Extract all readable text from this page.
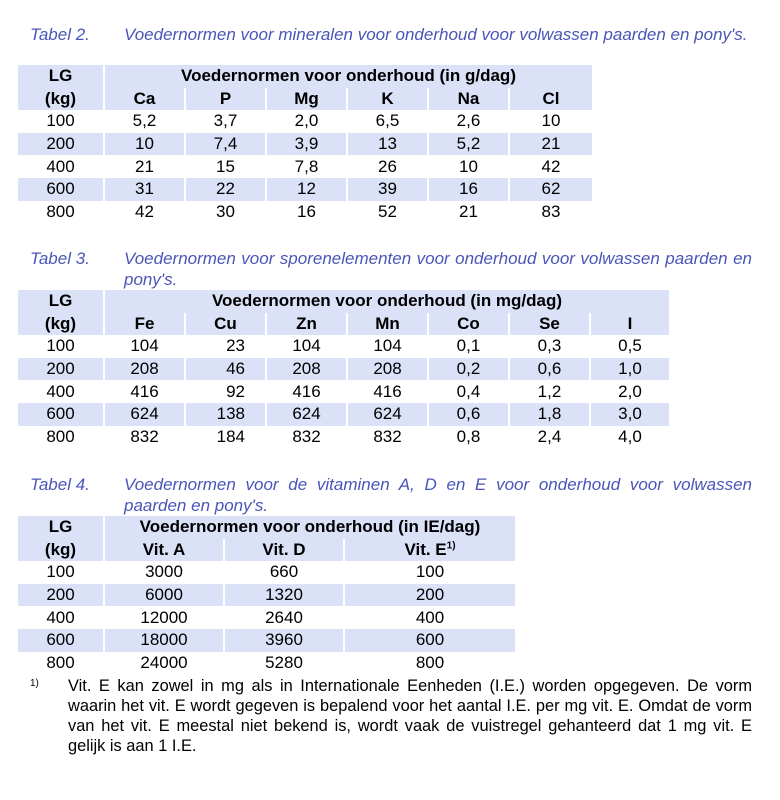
Tabel 2.	Voedernormen voor mineralen voor onderhoud voor volwassen paarden en pony's.
LG	Voedernormen voor onderhoud (in g/dag)					
(kg)	Ca	P	Mg	K	Na	Cl
100	5,2	3,7	2,0	6,5	2,6	10
200	10	7,4	3,9	13	5,2	21
400	21	15	7,8	26	10	42
600	31	22	12	39	16	62
800	42	30	16	52	21	83
Tabel 3.	Voedernormen voor sporenelementen voor onderhoud voor volwassen paarden en pony's.
LG	Voedernormen voor onderhoud (in mg/dag)						
(kg)	Fe	Cu	Zn	Mn	Co	Se	I
100	104	23	104	104	0,1	0,3	0,5
200	208	46	208	208	0,2	0,6	1,0
400	416	92	416	416	0,4	1,2	2,0
600	624	138	624	624	0,6	1,8	3,0
800	832	184	832	832	0,8	2,4	4,0
Tabel 4.	Voedernormen voor de vitaminen A, D en E voor onderhoud voor volwassen paarden en pony's.
LG	Voedernormen voor onderhoud (in IE/dag)		
(kg)	Vit. A	Vit. D	Vit. $E^{1)}$
100	3000	660	100
200	6000	1320	200
400	12000	2640	400
600	18000	3960	600
800	24000	5280	800
1) Vit. E kan zowel in mg als in Internationale Eenheden (I.E.) worden opgegeven. De vorm waarin het vit. E wordt gegeven is bepalend voor het aantal I.E. per mg vit. E. Omdat de vorm van het vit. E meestal niet bekend is, wordt vaak de vuistregel gehanteerd dat 1 mg vit. E gelijk is aan 1 I.E.
